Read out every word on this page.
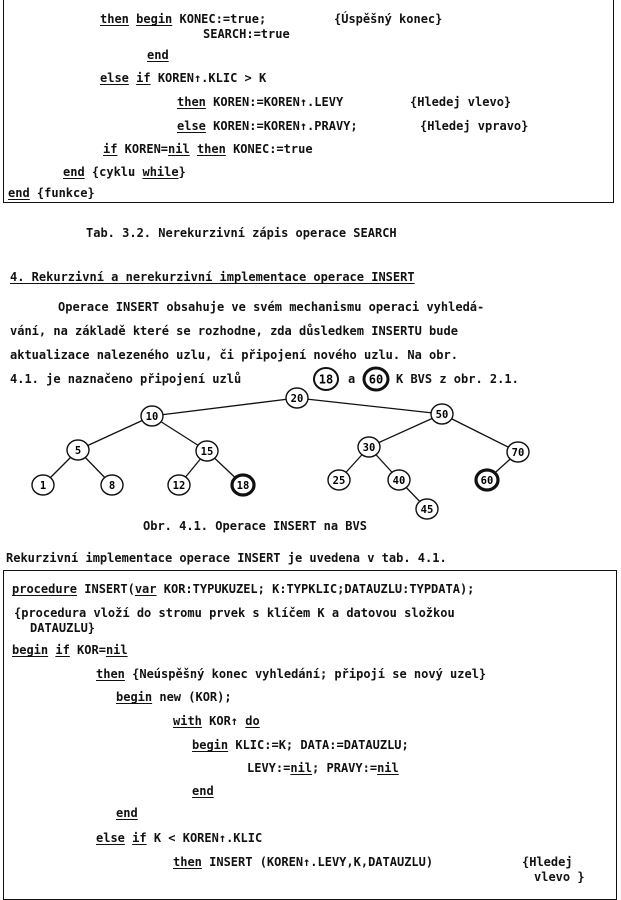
then begin KONEC:=true;	{Úspěšný konec}
SEARCH:=true
end
else if KOREN↑.KLIC > K
then KOREN:=KOREN↑.LEVY	{Hledej vlevo}
else KOREN:=KOREN↑.PRAVY;	{Hledej vpravo}
if KOREN=nil then KONEC:=true
end {cyklu while}
end {funkce}
Tab. 3.2. Nerekurzivní zápis operace SEARCH
4. Rekurzivní a nerekurzivní implementace operace INSERT
Operace INSERT obsahuje ve svém mechanismu operaci vyhledá-
vání, na základě které se rozhodne, zda důsledkem INSERTU bude
aktualizace nalezeného uzlu, či připojení nového uzlu. Na obr.
4.1. je naznačeno připojení uzlů	18 a 60 K BVS z obr. 2.1.
20
10	50
5	15	30	70
1	8	12	18	25	40	60
45
Obr. 4.1. Operace INSERT na BVS
Rekurzivní implementace operace INSERT je uvedena v tab. 4.1.
procedure INSERT(var KOR:TYPUKUZEL; K:TYPKLIC;DATAUZLU:TYPDATA);
{procedura vloží do stromu prvek s klíčem K a datovou složkou
DATAUZLU}
begin if KOR=nil
then {Neúspěšný konec vyhledání; připojí se nový uzel}
begin new (KOR);
with KOR↑ do
begin KLIC:=K; DATA:=DATAUZLU;
LEVY:=nil; PRAVY:=nil
end
end
else if K < KOREN↑.KLIC
then INSERT (KOREN↑.LEVY,K,DATAUZLU)	{Hledej
vlevo }
